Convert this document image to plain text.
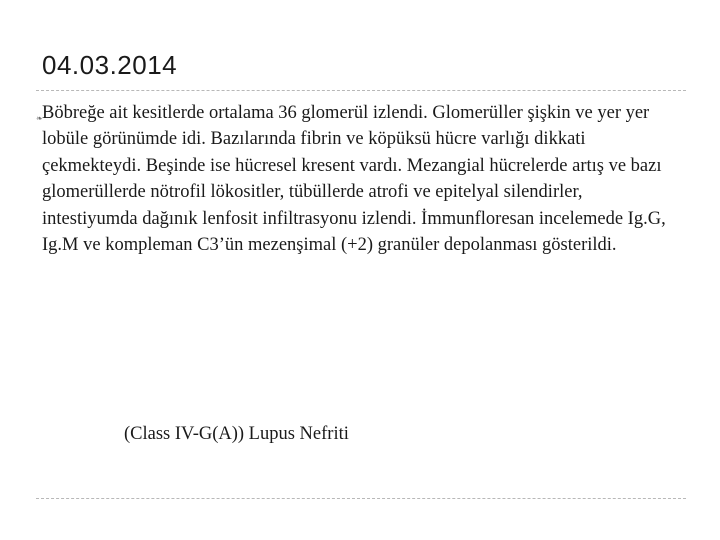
04.03.2014

❧ Böbreğe ait kesitlerde ortalama 36 glomerül izlendi. Glomerüller şişkin ve yer yer lobüle görünümde idi. Bazılarında fibrin ve köpüksü hücre varlığı dikkati çekmekteydi. Beşinde ise hücresel kresent vardı. Mezangial hücrelerde artış ve bazı glomerüllerde nötrofil lökositler, tübüllerde atrofi ve epitelyal silendirler, intestiyumda dağınık lenfosit infiltrasyonu izlendi. İmmunfloresan incelemede Ig.G, Ig.M ve kompleman C3’ün mezenşimal (+2) granüler depolanması gösterildi.

(Class IV-G(A)) Lupus Nefriti
